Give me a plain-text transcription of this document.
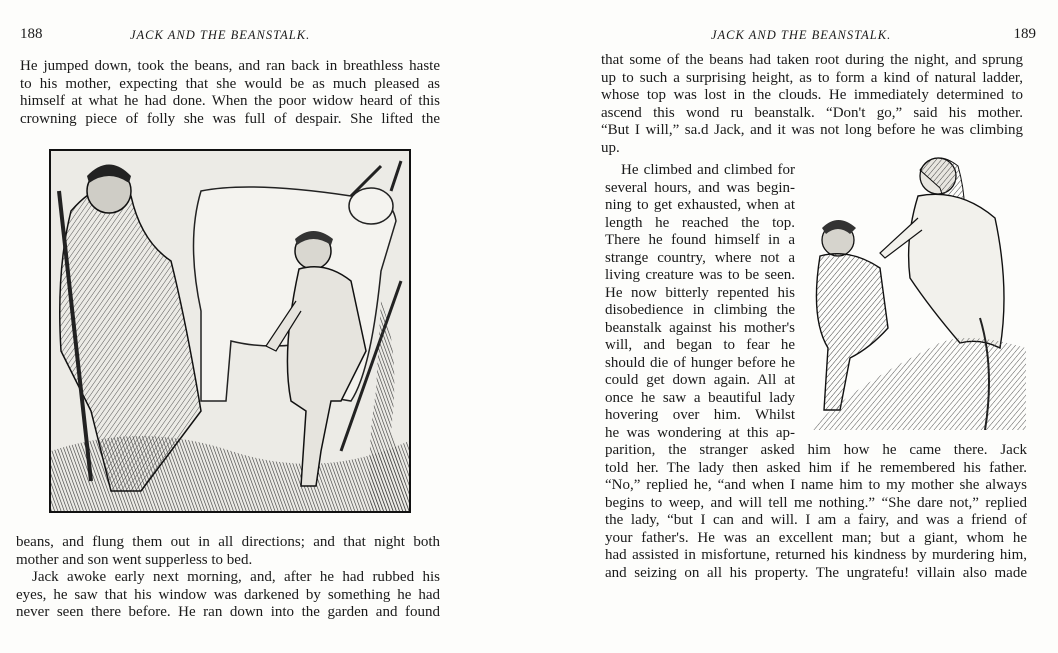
188	JACK AND THE BEANSTALK.

He jumped down, took the beans, and ran back in breathless haste

to his mother, expecting that she would be as much pleased as

himself at what he had done. When the poor widow heard of this

crowning piece of folly she was full of despair. She lifted the

beans, and flung them out in all directions; and that night both

mother and son went supperless to bed.

Jack awoke early next morning, and, after he had rubbed his

eyes, he saw that his window was darkened by something he had

never seen there before. He ran down into the garden and found

JACK AND THE BEANSTALK.	189

that some of the beans had taken root during the night, and sprung

up to such a surprising height, as to form a kind of natural ladder,

whose top was lost in the clouds. He immediately determined to

ascend this wond ru beanstalk. “Don't go,” said his mother.

“But I will,” sa.d Jack, and it was not long before he was climbing

up.

He climbed and climbed for

several hours, and was begin-

ning to get exhausted, when at

length he reached the top.

There he found himself in a

strange country, where not a

living creature was to be seen.

He now bitterly repented his

disobedience in climbing the

beanstalk against his mother's

will, and began to fear he

should die of hunger before he

could get down again. All at

once he saw a beautiful lady

hovering over him. Whilst

he was wondering at this ap-

parition, the stranger asked him how he came there. Jack

told her. The lady then asked him if he remembered his father.

“No,” replied he, “and when I name him to my mother she always

begins to weep, and will tell me nothing.” “She dare not,” replied

the lady, “but I can and will. I am a fairy, and was a friend of

your father's. He was an excellent man; but a giant, whom he

had assisted in misfortune, returned his kindness by murdering him,

and seizing on all his property. The ungratefu! villain also made
